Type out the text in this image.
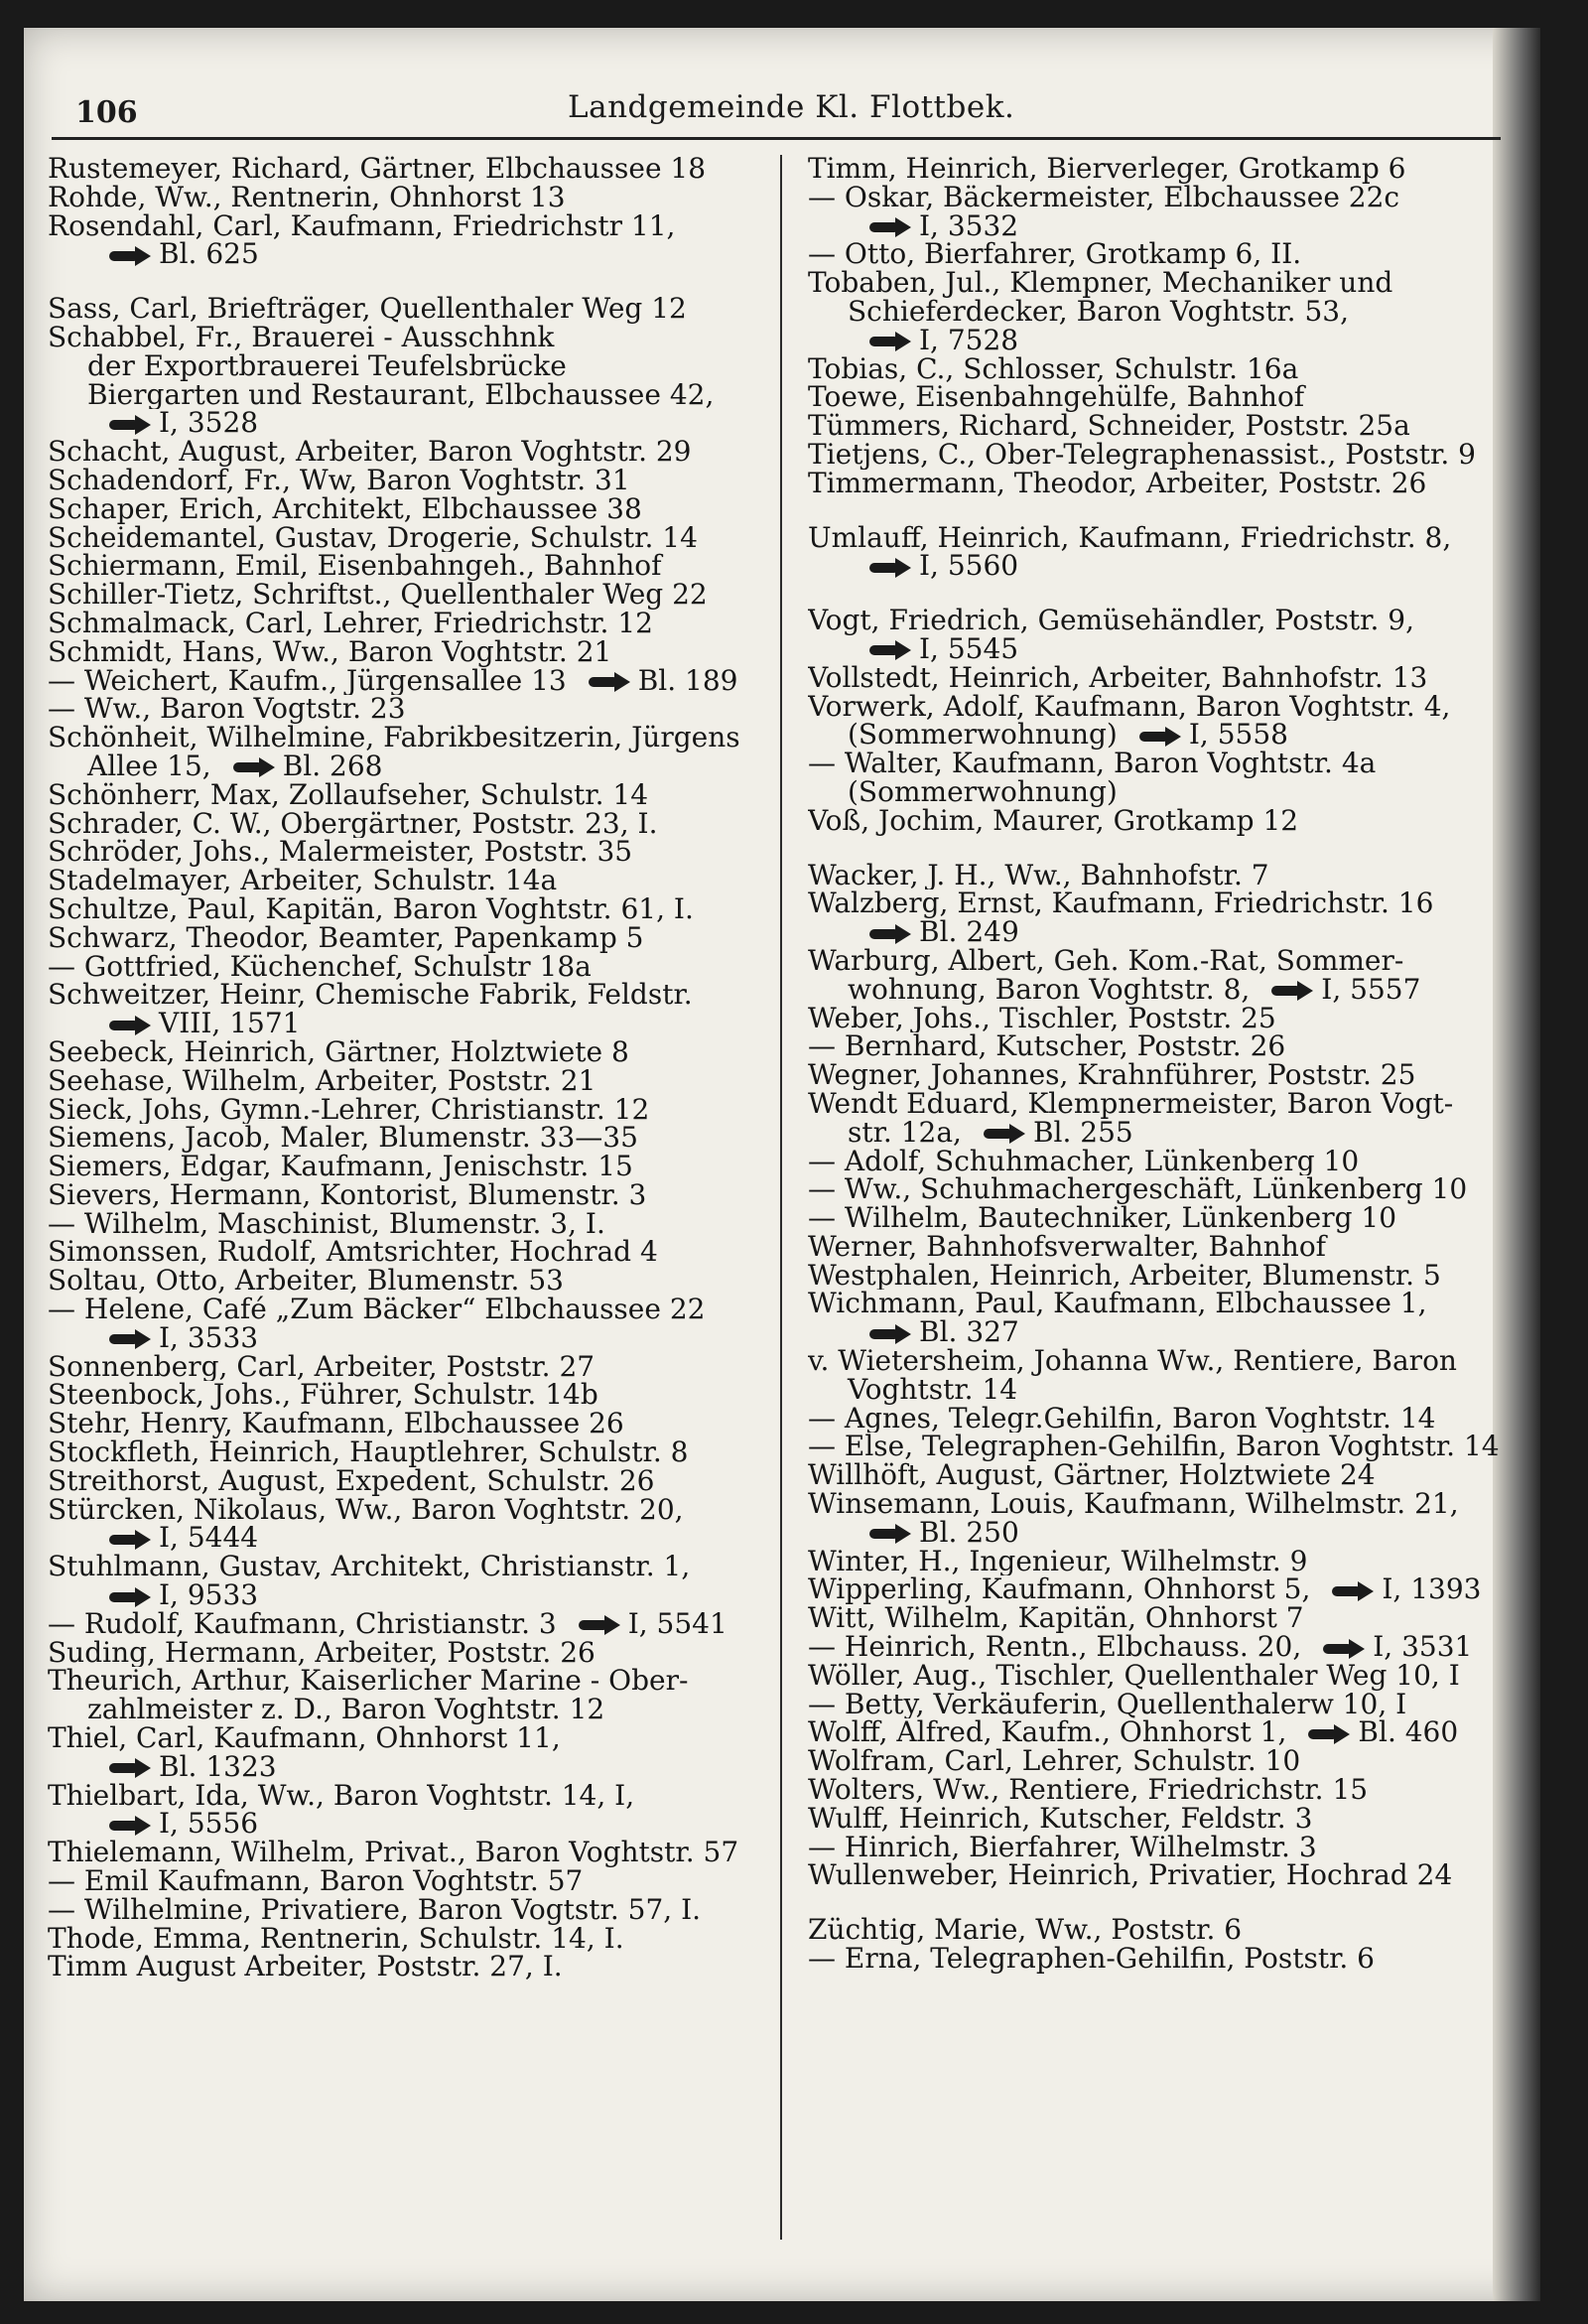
106	Landgemeinde Kl. Flottbek.
Rustemeyer, Richard, Gärtner, Elbchaussee 18
Rohde, Ww., Rentnerin, Ohnhorst 13
Rosendahl, Carl, Kaufmann, Friedrichstr 11,
Bl. 625
Sass, Carl, Briefträger, Quellenthaler Weg 12
Schabbel, Fr., Brauerei - Ausschhnk
der Exportbrauerei Teufelsbrücke
Biergarten und Restaurant, Elbchaussee 42,
I, 3528
Schacht, August, Arbeiter, Baron Voghtstr. 29
Schadendorf, Fr., Ww, Baron Voghtstr. 31
Schaper, Erich, Architekt, Elbchaussee 38
Scheidemantel, Gustav, Drogerie, Schulstr. 14
Schiermann, Emil, Eisenbahngeh., Bahnhof
Schiller-Tietz, Schriftst., Quellenthaler Weg 22
Schmalmack, Carl, Lehrer, Friedrichstr. 12
Schmidt, Hans, Ww., Baron Voghtstr. 21
— Weichert, Kaufm., Jürgensallee 13	Bl. 189
— Ww., Baron Vogtstr. 23
Schönheit, Wilhelmine, Fabrikbesitzerin, Jürgens
Allee 15,	Bl. 268
Schönherr, Max, Zollaufseher, Schulstr. 14
Schrader, C. W., Obergärtner, Poststr. 23, I.
Schröder, Johs., Malermeister, Poststr. 35
Stadelmayer, Arbeiter, Schulstr. 14a
Schultze, Paul, Kapitän, Baron Voghtstr. 61, I.
Schwarz, Theodor, Beamter, Papenkamp 5
— Gottfried, Küchenchef, Schulstr 18a
Schweitzer, Heinr, Chemische Fabrik, Feldstr.
VIII, 1571
Seebeck, Heinrich, Gärtner, Holztwiete 8
Seehase, Wilhelm, Arbeiter, Poststr. 21
Sieck, Johs, Gymn.-Lehrer, Christianstr. 12
Siemens, Jacob, Maler, Blumenstr. 33—35
Siemers, Edgar, Kaufmann, Jenischstr. 15
Sievers, Hermann, Kontorist, Blumenstr. 3
— Wilhelm, Maschinist, Blumenstr. 3, I.
Simonssen, Rudolf, Amtsrichter, Hochrad 4
Soltau, Otto, Arbeiter, Blumenstr. 53
— Helene, Café „Zum Bäcker“ Elbchaussee 22
I, 3533
Sonnenberg, Carl, Arbeiter, Poststr. 27
Steenbock, Johs., Führer, Schulstr. 14b
Stehr, Henry, Kaufmann, Elbchaussee 26
Stockfleth, Heinrich, Hauptlehrer, Schulstr. 8
Streithorst, August, Expedent, Schulstr. 26
Stürcken, Nikolaus, Ww., Baron Voghtstr. 20,
I, 5444
Stuhlmann, Gustav, Architekt, Christianstr. 1,
I, 9533
— Rudolf, Kaufmann, Christianstr. 3	I, 5541
Suding, Hermann, Arbeiter, Poststr. 26
Theurich, Arthur, Kaiserlicher Marine - Ober-
zahlmeister z. D., Baron Voghtstr. 12
Thiel, Carl, Kaufmann, Ohnhorst 11,
Bl. 1323
Thielbart, Ida, Ww., Baron Voghtstr. 14, I,
I, 5556
Thielemann, Wilhelm, Privat., Baron Voghtstr. 57
— Emil Kaufmann, Baron Voghtstr. 57
— Wilhelmine, Privatiere, Baron Vogtstr. 57, I.
Thode, Emma, Rentnerin, Schulstr. 14, I.
Timm August Arbeiter, Poststr. 27, I.
Timm, Heinrich, Bierverleger, Grotkamp 6
— Oskar, Bäckermeister, Elbchaussee 22c
I, 3532
— Otto, Bierfahrer, Grotkamp 6, II.
Tobaben, Jul., Klempner, Mechaniker und
Schieferdecker, Baron Voghtstr. 53,
I, 7528
Tobias, C., Schlosser, Schulstr. 16a
Toewe, Eisenbahngehülfe, Bahnhof
Tümmers, Richard, Schneider, Poststr. 25a
Tietjens, C., Ober-Telegraphenassist., Poststr. 9
Timmermann, Theodor, Arbeiter, Poststr. 26
Umlauff, Heinrich, Kaufmann, Friedrichstr. 8,
I, 5560
Vogt, Friedrich, Gemüsehändler, Poststr. 9,
I, 5545
Vollstedt, Heinrich, Arbeiter, Bahnhofstr. 13
Vorwerk, Adolf, Kaufmann, Baron Voghtstr. 4,
(Sommerwohnung)	I, 5558
— Walter, Kaufmann, Baron Voghtstr. 4a
(Sommerwohnung)
Voß, Jochim, Maurer, Grotkamp 12
Wacker, J. H., Ww., Bahnhofstr. 7
Walzberg, Ernst, Kaufmann, Friedrichstr. 16
Bl. 249
Warburg, Albert, Geh. Kom.-Rat, Sommer-
wohnung, Baron Voghtstr. 8,	I, 5557
Weber, Johs., Tischler, Poststr. 25
— Bernhard, Kutscher, Poststr. 26
Wegner, Johannes, Krahnführer, Poststr. 25
Wendt Eduard, Klempnermeister, Baron Vogt-
str. 12a,	Bl. 255
— Adolf, Schuhmacher, Lünkenberg 10
— Ww., Schuhmachergeschäft, Lünkenberg 10
— Wilhelm, Bautechniker, Lünkenberg 10
Werner, Bahnhofsverwalter, Bahnhof
Westphalen, Heinrich, Arbeiter, Blumenstr. 5
Wichmann, Paul, Kaufmann, Elbchaussee 1,
Bl. 327
v. Wietersheim, Johanna Ww., Rentiere, Baron
Voghtstr. 14
— Agnes, Telegr.Gehilfin, Baron Voghtstr. 14
— Else, Telegraphen-Gehilfin, Baron Voghtstr. 14
Willhöft, August, Gärtner, Holztwiete 24
Winsemann, Louis, Kaufmann, Wilhelmstr. 21,
Bl. 250
Winter, H., Ingenieur, Wilhelmstr. 9
Wipperling, Kaufmann, Ohnhorst 5,	I, 1393
Witt, Wilhelm, Kapitän, Ohnhorst 7
— Heinrich, Rentn., Elbchauss. 20,	I, 3531
Wöller, Aug., Tischler, Quellenthaler Weg 10, I
— Betty, Verkäuferin, Quellenthalerw 10, I
Wolff, Alfred, Kaufm., Ohnhorst 1,	Bl. 460
Wolfram, Carl, Lehrer, Schulstr. 10
Wolters, Ww., Rentiere, Friedrichstr. 15
Wulff, Heinrich, Kutscher, Feldstr. 3
— Hinrich, Bierfahrer, Wilhelmstr. 3
Wullenweber, Heinrich, Privatier, Hochrad 24
Züchtig, Marie, Ww., Poststr. 6
— Erna, Telegraphen-Gehilfin, Poststr. 6
